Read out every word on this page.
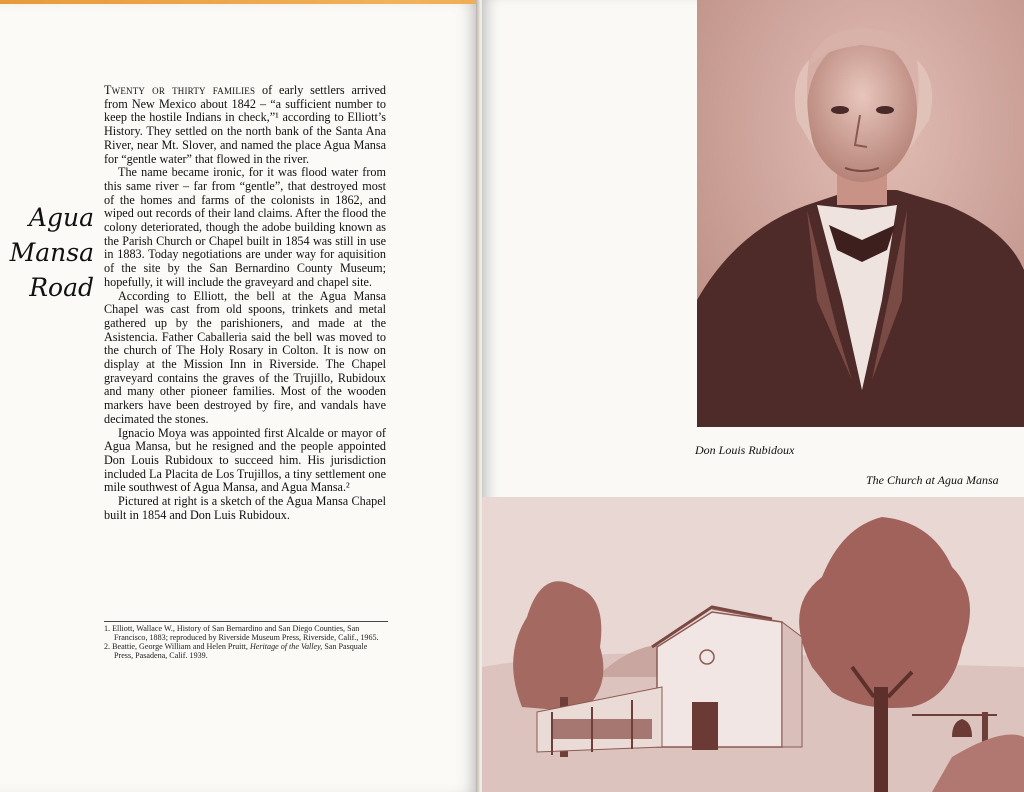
Agua
Mansa
Road

Twenty or thirty families of early settlers arrived from New Mexico about 1842 – “a sufficient number to keep the hostile Indians in check,”¹ according to Elliott’s History. They settled on the north bank of the Santa Ana River, near Mt. Slover, and named the place Agua Mansa for “gentle water” that flowed in the river.

The name became ironic, for it was flood water from this same river – far from “gentle”, that destroyed most of the homes and farms of the colonists in 1862, and wiped out records of their land claims. After the flood the colony deteriorated, though the adobe building known as the Parish Church or Chapel built in 1854 was still in use in 1883. Today negotiations are under way for aquisition of the site by the San Bernardino County Museum; hopefully, it will include the graveyard and chapel site.

According to Elliott, the bell at the Agua Mansa Chapel was cast from old spoons, trinkets and metal gathered up by the parishioners, and made at the Asistencia. Father Caballeria said the bell was moved to the church of The Holy Rosary in Colton. It is now on display at the Mission Inn in Riverside. The Chapel graveyard contains the graves of the Trujillo, Rubidoux and many other pioneer families. Most of the wooden markers have been destroyed by fire, and vandals have decimated the stones.

Ignacio Moya was appointed first Alcalde or mayor of Agua Mansa, but he resigned and the people appointed Don Louis Rubidoux to succeed him. His jurisdiction included La Placita de Los Trujillos, a tiny settlement one mile southwest of Agua Mansa, and Agua Mansa.²

Pictured at right is a sketch of the Agua Mansa Chapel built in 1854 and Don Luis Rubidoux.

1. Elliott, Wallace W., History of San Bernardino and San Diego Counties, San Francisco, 1883; reproduced by Riverside Museum Press, Riverside, Calif., 1965.

2. Beattie, George William and Helen Pruitt, Heritage of the Valley, San Pasquale Press, Pasadena, Calif. 1939.

Don Louis Rubidoux
The Church at Agua Mansa
